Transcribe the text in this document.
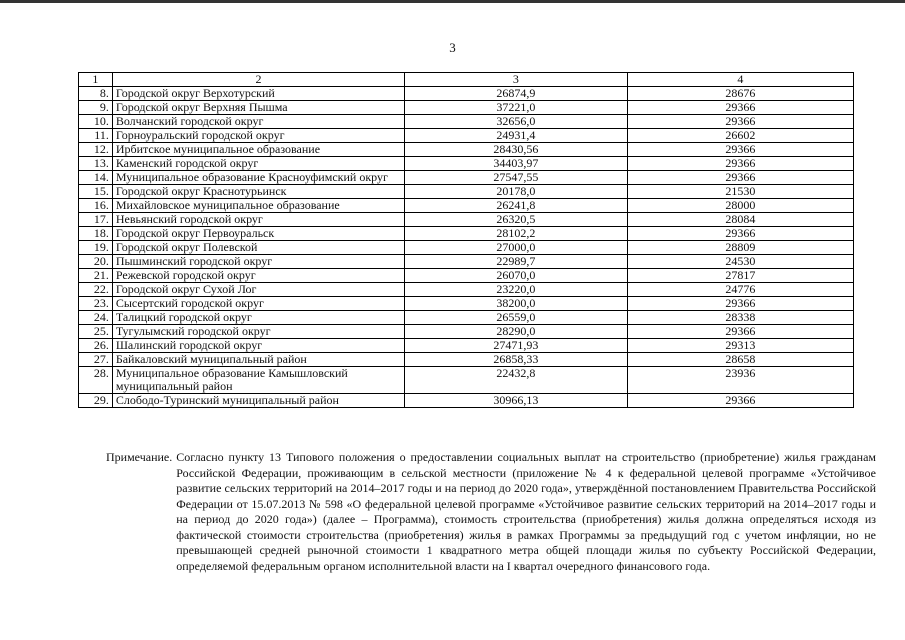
3
1	2	3	4
8.	Городской округ Верхотурский	26874,9	28676
9.	Городской округ Верхняя Пышма	37221,0	29366
10.	Волчанский городской округ	32656,0	29366
11.	Горноуральский городской округ	24931,4	26602
12.	Ирбитское муниципальное образование	28430,56	29366
13.	Каменский городской округ	34403,97	29366
14.	Муниципальное образование Красноуфимский округ	27547,55	29366
15.	Городской округ Краснотурьинск	20178,0	21530
16.	Михайловское муниципальное образование	26241,8	28000
17.	Невьянский городской округ	26320,5	28084
18.	Городской округ Первоуральск	28102,2	29366
19.	Городской округ Полевской	27000,0	28809
20.	Пышминский городской округ	22989,7	24530
21.	Режевской городской округ	26070,0	27817
22.	Городской округ Сухой Лог	23220,0	24776
23.	Сысертский городской округ	38200,0	29366
24.	Талицкий городской округ	26559,0	28338
25.	Тугулымский городской округ	28290,0	29366
26.	Шалинский городской округ	27471,93	29313
27.	Байкаловский муниципальный район	26858,33	28658
28.	Муниципальное образование Камышловский муниципальный район	22432,8	23936
29.	Слободо-Туринский муниципальный район	30966,13	29366
Примечание. Согласно пункту 13 Типового положения о предоставлении социальных выплат на строительство (приобретение) жилья гражданам Российской Федерации, проживающим в сельской местности (приложение № 4 к федеральной целевой программе «Устойчивое развитие сельских территорий на 2014–2017 годы и на период до 2020 года», утверждённой постановлением Правительства Российской Федерации от 15.07.2013 № 598 «О федеральной целевой программе «Устойчивое развитие сельских территорий на 2014–2017 годы и на период до 2020 года») (далее – Программа), стоимость строительства (приобретения) жилья должна определяться исходя из фактической стоимости строительства (приобретения) жилья в рамках Программы за предыдущий год с учетом инфляции, но не превышающей средней рыночной стоимости 1 квадратного метра общей площади жилья по субъекту Российской Федерации, определяемой федеральным органом исполнительной власти на I квартал очередного финансового года.
